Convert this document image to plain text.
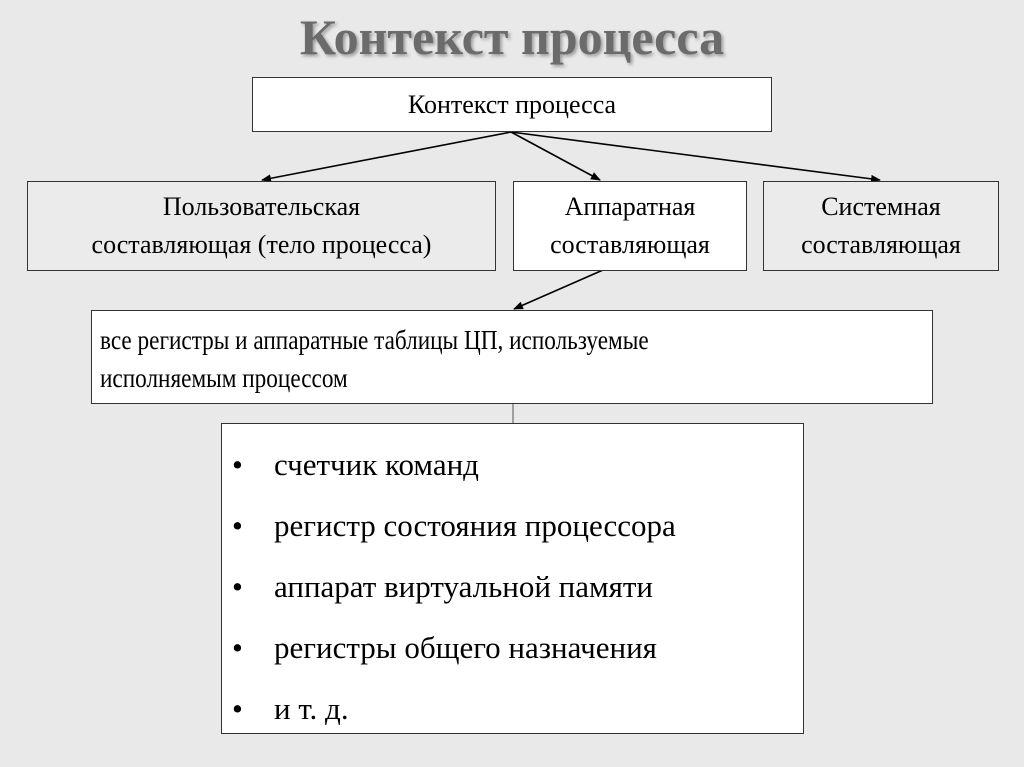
Контекст процесса
Контекст процесса
Пользовательская
составляющая (тело процесса)
Аппаратная
составляющая
Системная
составляющая
все регистры и аппаратные таблицы ЦП, используемые
исполняемым процессом
•	счетчик команд
•	регистр состояния процессора
•	аппарат виртуальной памяти
•	регистры общего назначения
•	и т. д.
